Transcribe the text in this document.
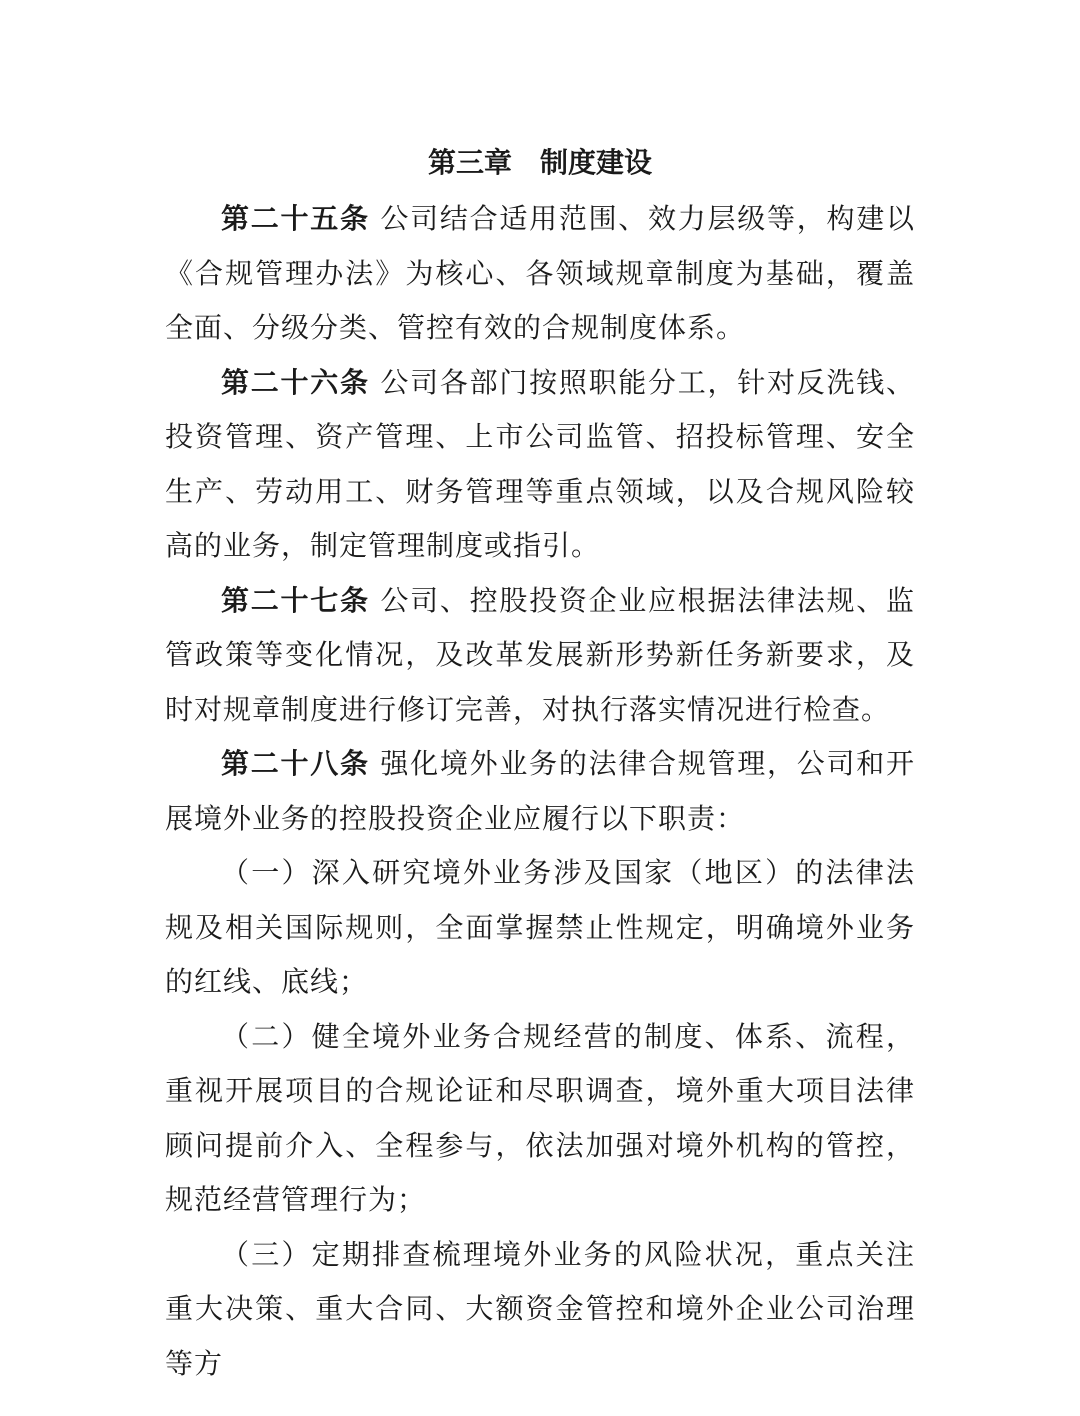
第三章　制度建设

第二十五条 公司结合适用范围、效力层级等，构建以《合规管理办法》为核心、各领域规章制度为基础，覆盖全面、分级分类、管控有效的合规制度体系。

第二十六条 公司各部门按照职能分工，针对反洗钱、投资管理、资产管理、上市公司监管、招投标管理、安全生产、劳动用工、财务管理等重点领域，以及合规风险较高的业务，制定管理制度或指引。

第二十七条 公司、控股投资企业应根据法律法规、监管政策等变化情况，及改革发展新形势新任务新要求，及时对规章制度进行修订完善，对执行落实情况进行检查。

第二十八条 强化境外业务的法律合规管理，公司和开展境外业务的控股投资企业应履行以下职责：

（一）深入研究境外业务涉及国家（地区）的法律法规及相关国际规则，全面掌握禁止性规定，明确境外业务的红线、底线；

（二）健全境外业务合规经营的制度、体系、流程，重视开展项目的合规论证和尽职调查，境外重大项目法律顾问提前介入、全程参与，依法加强对境外机构的管控，规范经营管理行为；

（三）定期排查梳理境外业务的风险状况，重点关注重大决策、重大合同、大额资金管控和境外企业公司治理等方
